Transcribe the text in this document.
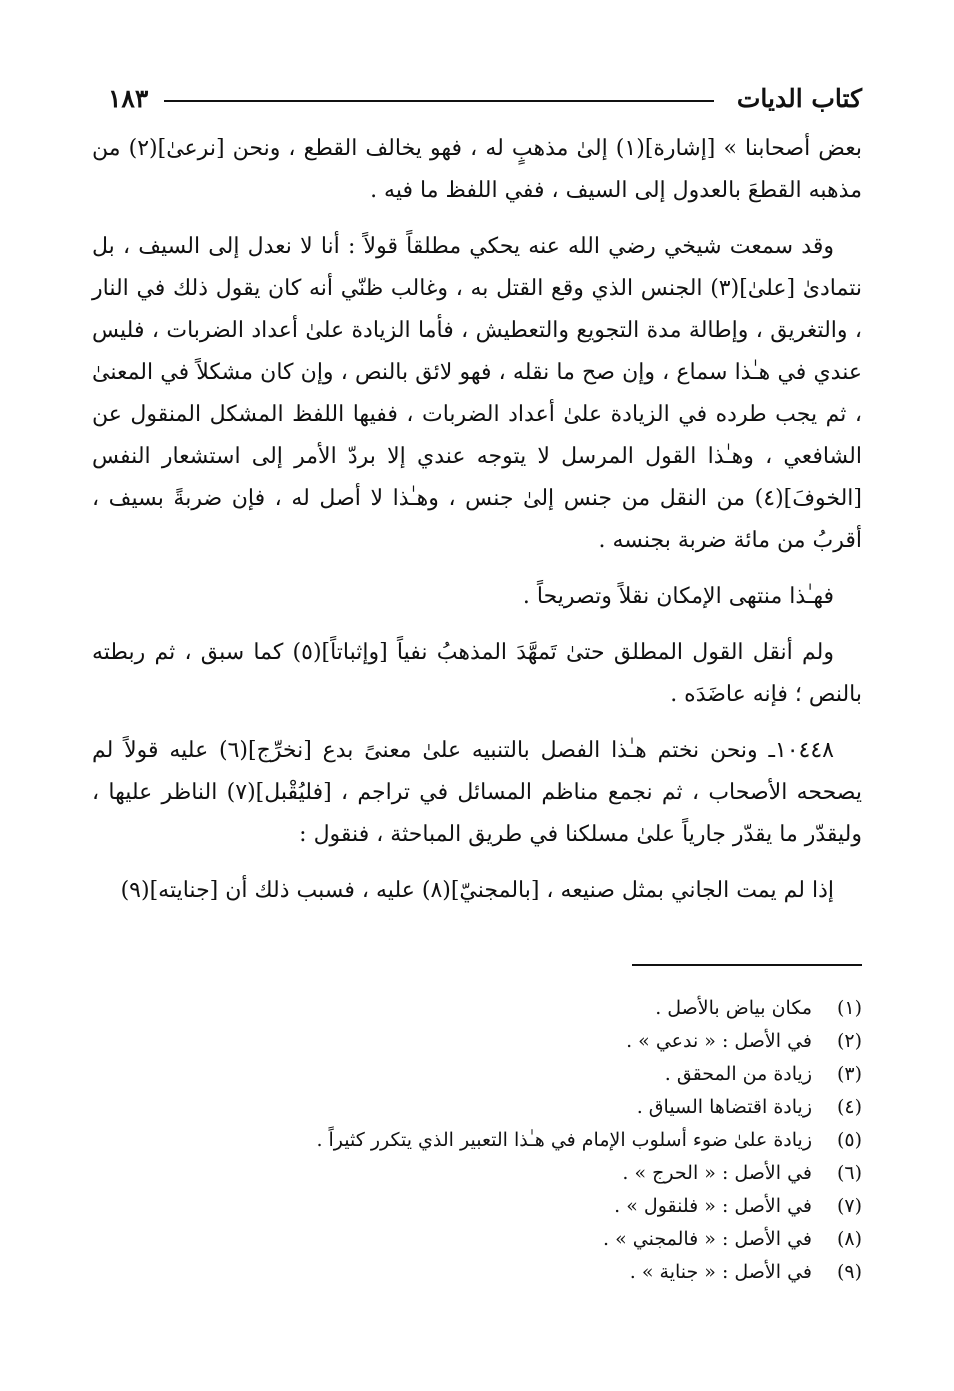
كتاب الديات
١٨٣

بعض أصحابنا » [إشارة](١) إلىٰ مذهبٍ له ، فهو يخالف القطع ، ونحن [نرعىٰ](٢) من مذهبه القطعَ بالعدول إلى السيف ، ففي اللفظ ما فيه .

وقد سمعت شيخي رضي الله عنه يحكي مطلقاً قولاً : أنا لا نعدل إلى السيف ، بل نتمادىٰ [علىٰ](٣) الجنس الذي وقع القتل به ، وغالب ظنّي أنه كان يقول ذلك في النار ، والتغريق ، وإطالة مدة التجويع والتعطيش ، فأما الزيادة علىٰ أعداد الضربات ، فليس عندي في هـٰذا سماع ، وإن صح ما نقله ، فهو لائق بالنص ، وإن كان مشكلاً في المعنىٰ ، ثم يجب طرده في الزيادة علىٰ أعداد الضربات ، ففيها اللفظ المشكل المنقول عن الشافعي ، وهـٰذا القول المرسل لا يتوجه عندي إلا بردّ الأمر إلى استشعار النفس [الخوفَ](٤) من النقل من جنس إلىٰ جنس ، وهـٰذا لا أصل له ، فإن ضربةً بسيف ، أقربُ من مائة ضربة بجنسه .

فهـٰذا منتهى الإمكان نقلاً وتصريحاً .

ولم أنقل القول المطلق حتىٰ تَمهَّدَ المذهبُ نفياً [وإثباتاً](٥) كما سبق ، ثم ربطته بالنص ؛ فإنه عاضَدَه .

١٠٤٤٨ـ ونحن نختم هـٰذا الفصل بالتنبيه علىٰ معنىً بدع [نخرِّج](٦) عليه قولاً لم يصححه الأصحاب ، ثم نجمع مناظم المسائل في تراجم ، [فليُقْبل](٧) الناظر عليها ، وليقدّر ما يقدّر جارياً علىٰ مسلكنا في طريق المباحثة ، فنقول :

إذا لم يمت الجاني بمثل صنيعه ، [بالمجنيّ](٨) عليه ، فسبب ذلك أن [جنايته](٩)

(١)
مكان بياض بالأصل .
(٢)
في الأصل : « ندعي » .
(٣)
زيادة من المحقق .
(٤)
زيادة اقتضاها السياق .
(٥)
زيادة علىٰ ضوء أسلوب الإمام في هـٰذا التعبير الذي يتكرر كثيراً .
(٦)
في الأصل : « الحرج » .
(٧)
في الأصل : « فلنقول » .
(٨)
في الأصل : « فالمجني » .
(٩)
في الأصل : « جناية » .
